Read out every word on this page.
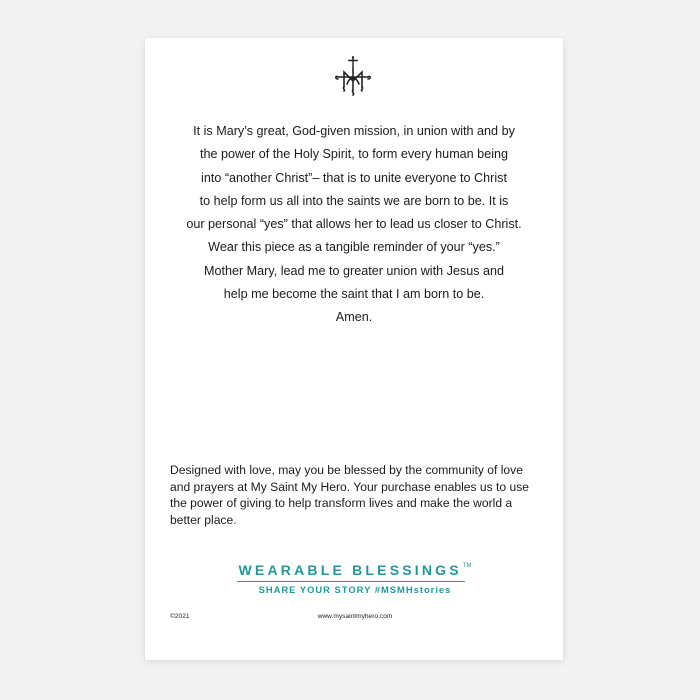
It is Mary’s great, God-given mission, in union with and by
the power of the Holy Spirit, to form every human being
into “another Christ”– that is to unite everyone to Christ
to help form us all into the saints we are born to be. It is
our personal “yes” that allows her to lead us closer to Christ.
Wear this piece as a tangible reminder of your “yes.”
Mother Mary, lead me to greater union with Jesus and
help me become the saint that I am born to be.
Amen.
Designed with love, may you be blessed by the community of love
and prayers at My Saint My Hero. Your purchase enables us to use
the power of giving to help transform lives and make the world a
better place.
WEARABLE BLESSINGS™
SHARE YOUR STORY #MSMHstories
©2021	www.mysaintmyhero.com
